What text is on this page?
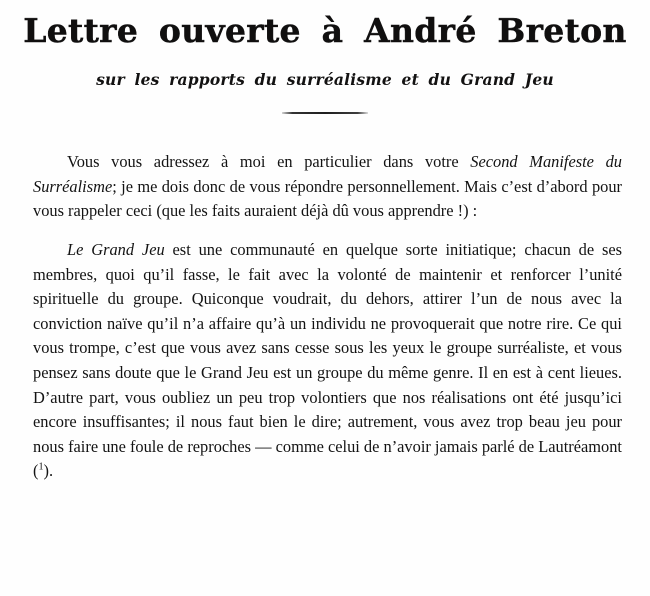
Lettre ouverte à André Breton
sur les rapports du surréalisme et du Grand Jeu

Vous vous adressez à moi en particulier dans votre Second Manifeste du Surréalisme; je me dois donc de vous répondre personnellement. Mais c’est d’abord pour vous rappeler ceci (que les faits auraient déjà dû vous apprendre !) :

Le Grand Jeu est une communauté en quelque sorte initiatique; chacun de ses membres, quoi qu’il fasse, le fait avec la volonté de maintenir et renforcer l’unité spirituelle du groupe. Quiconque voudrait, du dehors, attirer l’un de nous avec la conviction naïve qu’il n’a affaire qu’à un individu ne provoquerait que notre rire. Ce qui vous trompe, c’est que vous avez sans cesse sous les yeux le groupe surréaliste, et vous pensez sans doute que le Grand Jeu est un groupe du même genre. Il en est à cent lieues. D’autre part, vous oubliez un peu trop volontiers que nos réalisations ont été jusqu’ici encore insuffisantes; il nous faut bien le dire; autrement, vous avez trop beau jeu pour nous faire une foule de reproches — comme celui de n’avoir jamais parlé de Lautréamont ($^1$).
